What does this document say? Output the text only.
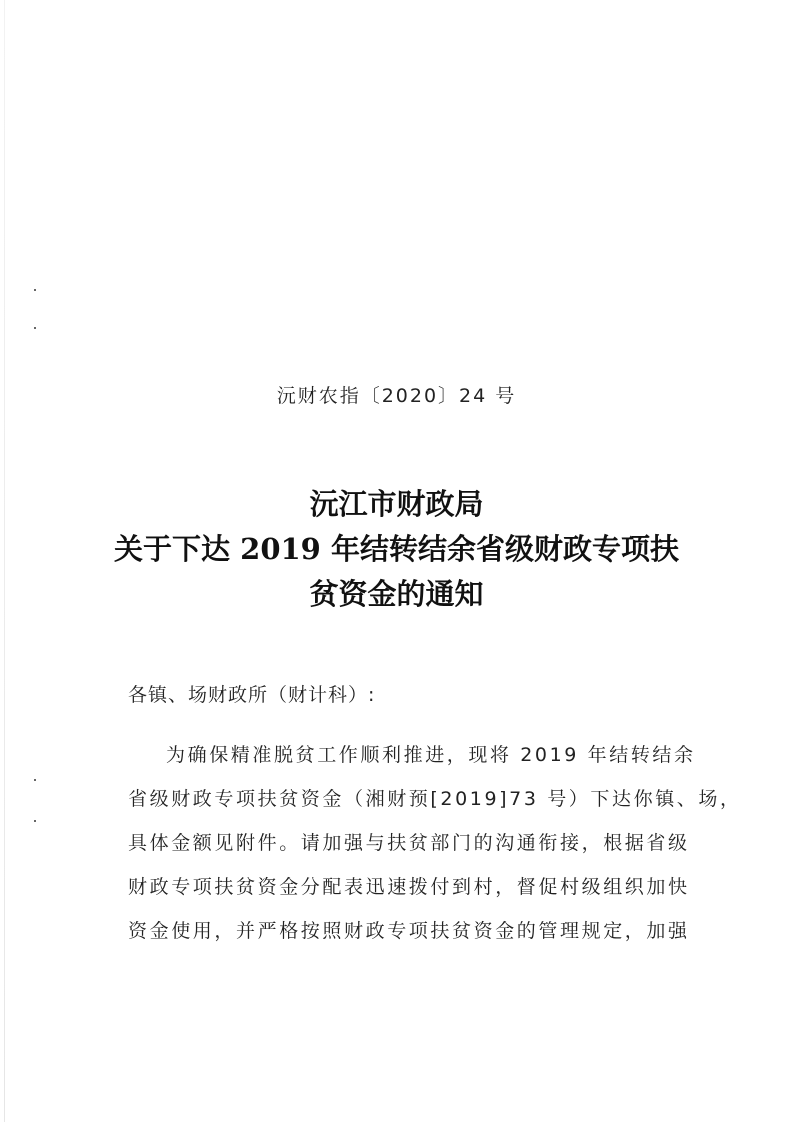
沅财农指〔2020〕24 号
沅江市财政局
关于下达 2019 年结转结余省级财政专项扶
贫资金的通知
各镇、场财政所（财计科）:
为确保精准脱贫工作顺利推进，现将 2019 年结转结余
省级财政专项扶贫资金（湘财预[2019]73 号）下达你镇、场，
具体金额见附件。请加强与扶贫部门的沟通衔接，根据省级
财政专项扶贫资金分配表迅速拨付到村，督促村级组织加快
资金使用，并严格按照财政专项扶贫资金的管理规定，加强
